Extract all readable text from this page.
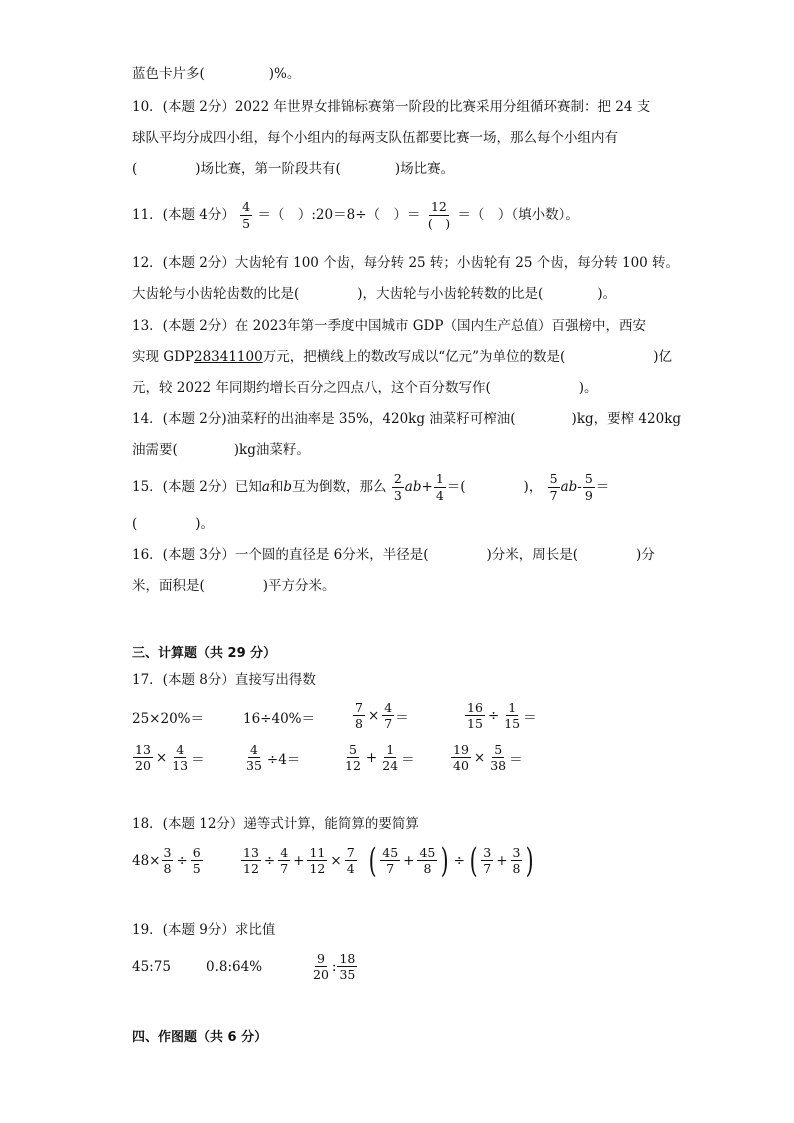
蓝色卡片多(	)%。
10．(本题 2分）2022 年世界女排锦标赛第一阶段的比赛采用分组循环赛制：把 24 支
球队平均分成四小组，每个小组内的每两支队伍都要比赛一场，那么每个小组内有
(	)场比赛，第一阶段共有(	)场比赛。
11．(本题 4分） $\frac{4}{5}$ ＝（　）:20＝8÷（　）＝ $\frac{12}{( )}$ ＝（　）（填小数）。
12．(本题 2分）大齿轮有 100 个齿，每分转 25 转；小齿轮有 25 个齿，每分转 100 转。
大齿轮与小齿轮齿数的比是(	)，大齿轮与小齿轮转数的比是(	)。
13．(本题 2分）在 2023年第一季度中国城市 GDP（国内生产总值）百强榜中，西安
实现 GDP28341100万元，把横线上的数改写成以“亿元”为单位的数是(	)亿
元，较 2022 年同期约增长百分之四点八，这个百分数写作(	)。
14．(本题 2分)油菜籽的出油率是 35%，420kg 油菜籽可榨油(	)kg，要榨 420kg
油需要(	)kg油菜籽。
15．(本题 2分）已知a和b互为倒数，那么 $\frac{2}{3} ab+ \frac{1}{4}$ ＝(	)， $\frac{5}{7} ab- \frac{5}{9}$ ＝
(	)。
16．(本题 3分）一个圆的直径是 6分米，半径是(	)分米，周长是(	)分
米，面积是(	)平方分米。
三、计算题（共 29 分）
17．(本题 8分）直接写出得数
25×20%＝	16÷40%＝	$\frac{7}{8} \times \frac{4}{7}$ ＝	$\frac{16}{15} \div \frac{1}{15}$ ＝
$\frac{13}{20} \times \frac{4}{13}$ ＝	$\frac{4}{35} \div 4=$	$\frac{5}{12} + \frac{1}{24}$ ＝	$\frac{19}{40} \times \frac{5}{38}$ ＝
18．(本题 12分）递等式计算，能简算的要简算
$48\times \frac{3}{8} \div \frac{6}{5}$	$\frac{13}{12} \div \frac{4}{7} + \frac{11}{12} \times \frac{7}{4}$ ( $\frac{45}{7} + \frac{45}{8}$ ) ÷ ( $\frac{3}{7} + \frac{3}{8}$ )
19．(本题 9分）求比值
45:75	0.8:64%	$\frac{9}{20}$ : $\frac{18}{35}$
四、作图题（共 6 分）
